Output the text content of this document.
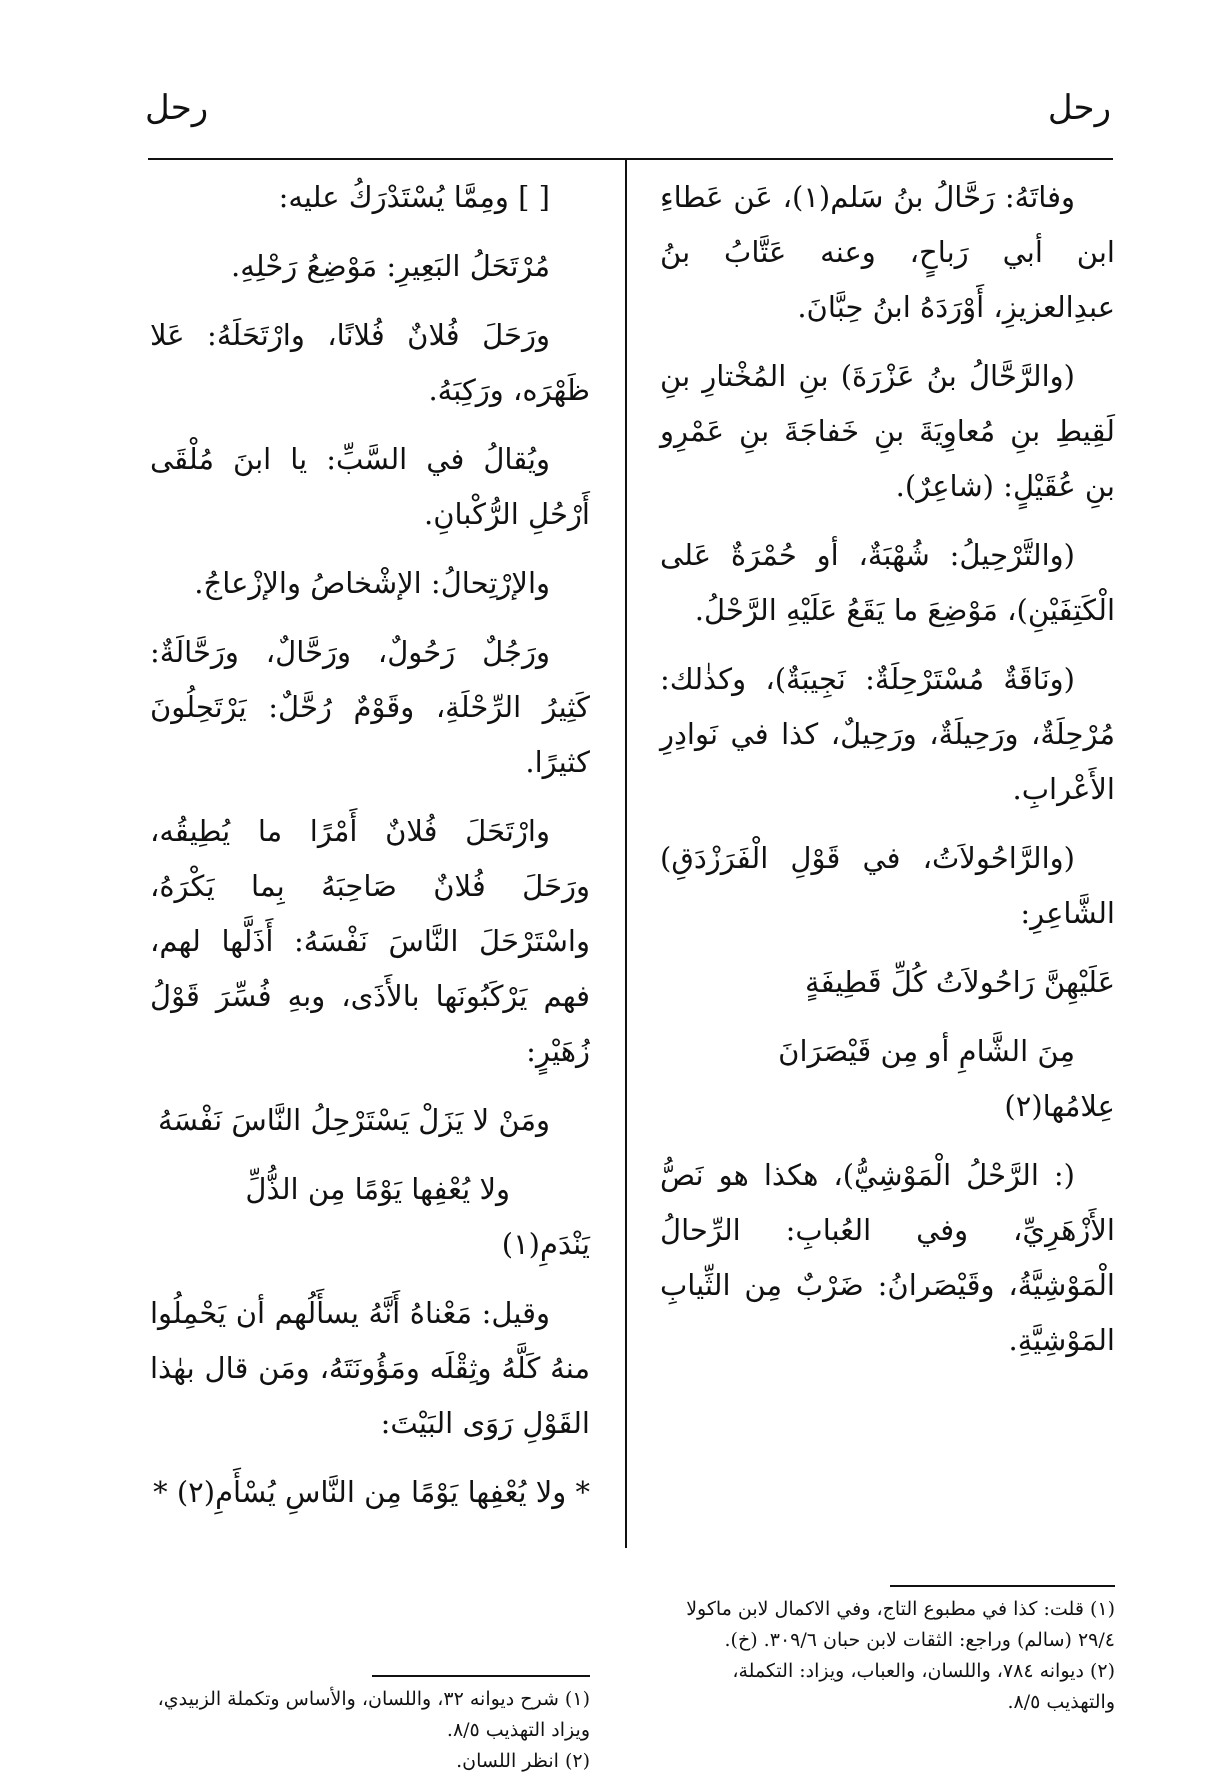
رحل
رحل

وفاتَهُ: رَحَّالُ بنُ سَلم(١)، عَن عَطاءِ ابن أبي رَباحٍ، وعنه عَتَّابُ بنُ عبدِالعزيزِ، أَوْرَدَهُ ابنُ حِبَّانَ.

(والرَّحَّالُ بنُ عَزْرَةَ) بنِ المُخْتارِ بنِ لَقِيطِ بنِ مُعاوِيَةَ بنِ خَفاجَةَ بنِ عَمْرِو بنِ عُقَيْلٍ: (شاعِرٌ).

(والتَّرْحِيلُ: شُهْبَةٌ، أو حُمْرَةٌ عَلى الْكَتِفَيْنِ)، مَوْضِعَ ما يَقَعُ عَلَيْهِ الرَّحْلُ.

(ونَاقَةٌ مُسْتَرْحِلَةٌ: نَجِيبَةٌ)، وكذٰلك: مُرْحِلَةٌ، ورَحِيلَةٌ، ورَحِيلٌ، كذا في نَوادِرِ الأَعْرابِ.

(والرَّاحُولاَتُ، في قَوْلِ الْفَرَزْدَقِ) الشَّاعِرِ:

عَلَيْهِنَّ رَاحُولاَتُ كُلِّ قَطِيفَةٍ

مِنَ الشَّامِ أو مِن قَيْصَرَانَ عِلامُها(٢)

(: الرَّحْلُ الْمَوْشِيُّ)، هكذا هو نَصُّ الأَزْهَرِيِّ، وفي العُبابِ: الرِّحالُ الْمَوْشِيَّةُ، وقَيْصَرانُ: ضَرْبٌ مِن الثِّيابِ المَوْشِيَّةِ.

[ ] ومِمَّا يُسْتَدْرَكُ عليه:

مُرْتَحَلُ البَعِيرِ: مَوْضِعُ رَحْلِهِ.

ورَحَلَ فُلانٌ فُلانًا، وارْتَحَلَهُ: عَلا ظَهْرَه، ورَكِبَهُ.

ويُقالُ في السَّبِّ: يا ابنَ مُلْقَى أَرْحُلِ الرُّكْبانِ.

والإرْتِحالُ: الإشْخاصُ والإزْعاجُ.

ورَجُلٌ رَحُولٌ، ورَحَّالٌ، ورَحَّالَةٌ: كَثِيرُ الرِّحْلَةِ، وقَوْمٌ رُحَّلٌ: يَرْتَحِلُونَ كثيرًا.

وارْتَحَلَ فُلانٌ أَمْرًا ما يُطِيقُه، ورَحَلَ فُلانٌ صَاحِبَهُ بِما يَكْرَهُ، واسْتَرْحَلَ النَّاسَ نَفْسَهُ: أَذَلَّها لهم، فهم يَرْكَبُونَها بالأَذَى، وبهِ فُسِّرَ قَوْلُ زُهَيْرٍ:

ومَنْ لا يَزَلْ يَسْتَرْحِلُ النَّاسَ نَفْسَهُ

ولا يُعْفِها يَوْمًا مِن الذُّلِّ يَنْدَمِ(١)

وقيل: مَعْناهُ أَنَّهُ يسأَلُهم أن يَحْمِلُوا منهُ كَلَّهُ وثِقْلَه ومَؤُونَتَهُ، ومَن قال بهٰذا القَوْلِ رَوَى البَيْتَ:

* ولا يُعْفِها يَوْمًا مِن النَّاسِ يُسْأَمِ(٢) *

(١) قلت: كذا في مطبوع التاج، وفي الاكمال لابن ماكولا ٢٩/٤ (سالم) وراجع: الثقات لابن حبان ٣٠٩/٦. (خ).

(٢) ديوانه ٧٨٤، واللسان، والعباب، ويزاد: التكملة، والتهذيب ٨/٥.

(١) شرح ديوانه ٣٢، واللسان، والأساس وتكملة الزبيدي، ويزاد التهذيب ٨/٥.

(٢) انظر اللسان.
